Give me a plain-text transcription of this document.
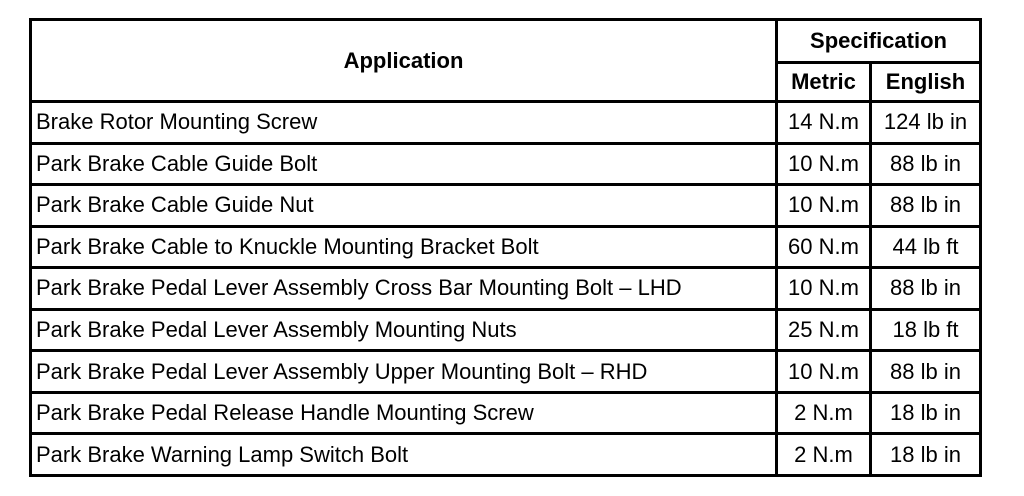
Application	Specification	
	Metric	English
Brake Rotor Mounting Screw	14 N.m	124 lb in
Park Brake Cable Guide Bolt	10 N.m	88 lb in
Park Brake Cable Guide Nut	10 N.m	88 lb in
Park Brake Cable to Knuckle Mounting Bracket Bolt	60 N.m	44 lb ft
Park Brake Pedal Lever Assembly Cross Bar Mounting Bolt – LHD	10 N.m	88 lb in
Park Brake Pedal Lever Assembly Mounting Nuts	25 N.m	18 lb ft
Park Brake Pedal Lever Assembly Upper Mounting Bolt – RHD	10 N.m	88 lb in
Park Brake Pedal Release Handle Mounting Screw	2 N.m	18 lb in
Park Brake Warning Lamp Switch Bolt	2 N.m	18 lb in
